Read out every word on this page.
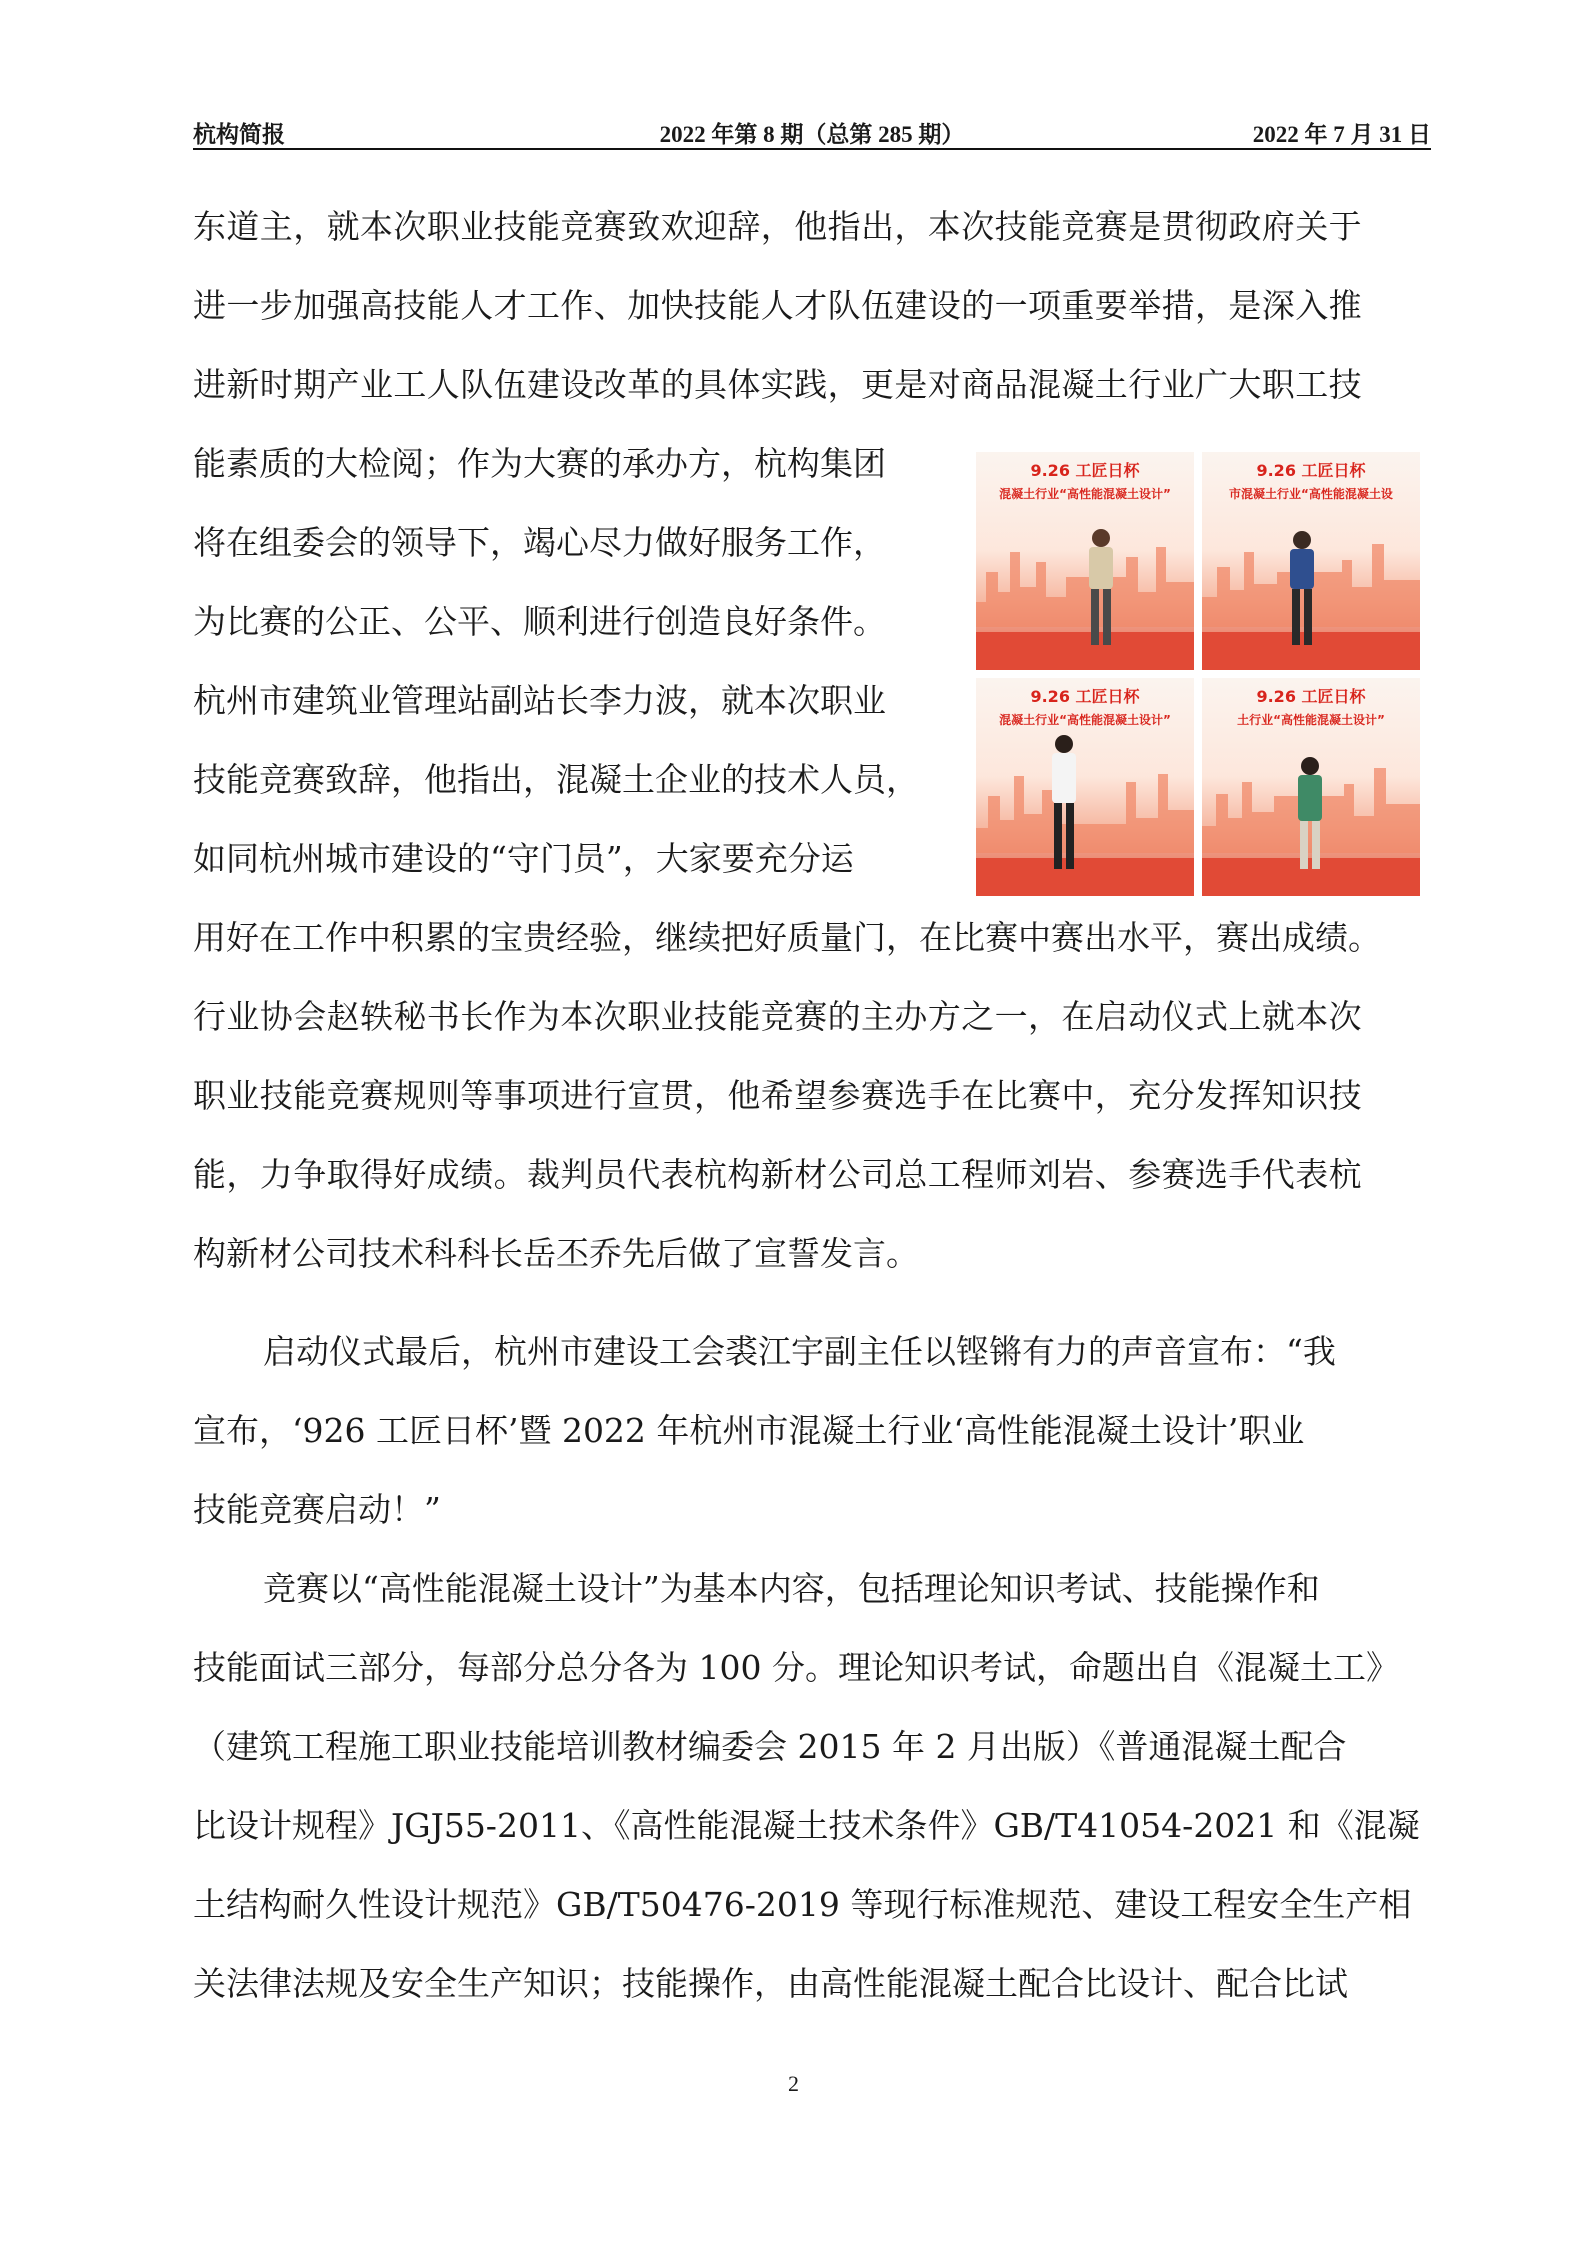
杭构简报	2022 年第 8 期（总第 285 期）	2022 年 7 月 31 日
东道主，就本次职业技能竞赛致欢迎辞，他指出，本次技能竞赛是贯彻政府关于
进一步加强高技能人才工作、加快技能人才队伍建设的一项重要举措，是深入推
进新时期产业工人队伍建设改革的具体实践，更是对商品混凝土行业广大职工技
能素质的大检阅；作为大赛的承办方，杭构集团
将在组委会的领导下，竭心尽力做好服务工作，
为比赛的公正、公平、顺利进行创造良好条件。
杭州市建筑业管理站副站长李力波，就本次职业
技能竞赛致辞，他指出，混凝土企业的技术人员，
如同杭州城市建设的“守门员”，大家要充分运
用好在工作中积累的宝贵经验，继续把好质量门，在比赛中赛出水平，赛出成绩。
行业协会赵轶秘书长作为本次职业技能竞赛的主办方之一，在启动仪式上就本次
职业技能竞赛规则等事项进行宣贯，他希望参赛选手在比赛中，充分发挥知识技
能，力争取得好成绩。裁判员代表杭构新材公司总工程师刘岩、参赛选手代表杭
构新材公司技术科科长岳丕乔先后做了宣誓发言。
启动仪式最后，杭州市建设工会裘江宇副主任以铿锵有力的声音宣布：“我
宣布，‘926 工匠日杯’暨 2022 年杭州市混凝土行业‘高性能混凝土设计’职业
技能竞赛启动！”
竞赛以“高性能混凝土设计”为基本内容，包括理论知识考试、技能操作和
技能面试三部分，每部分总分各为 100 分。理论知识考试，命题出自《混凝土工》
（建筑工程施工职业技能培训教材编委会 2015 年 2 月出版）《普通混凝土配合
比设计规程》JGJ55-2011、《高性能混凝土技术条件》GB/T41054-2021 和《混凝
土结构耐久性设计规范》GB/T50476-2019 等现行标准规范、建设工程安全生产相
关法律法规及安全生产知识；技能操作，由高性能混凝土配合比设计、配合比试
9.26 工匠日杯
混凝土行业“高性能混凝土设计”
9.26 工匠日杯
市混凝土行业“高性能混凝土设
9.26 工匠日杯
混凝土行业“高性能混凝土设计”
9.26 工匠日杯
土行业“高性能混凝土设计”
2
